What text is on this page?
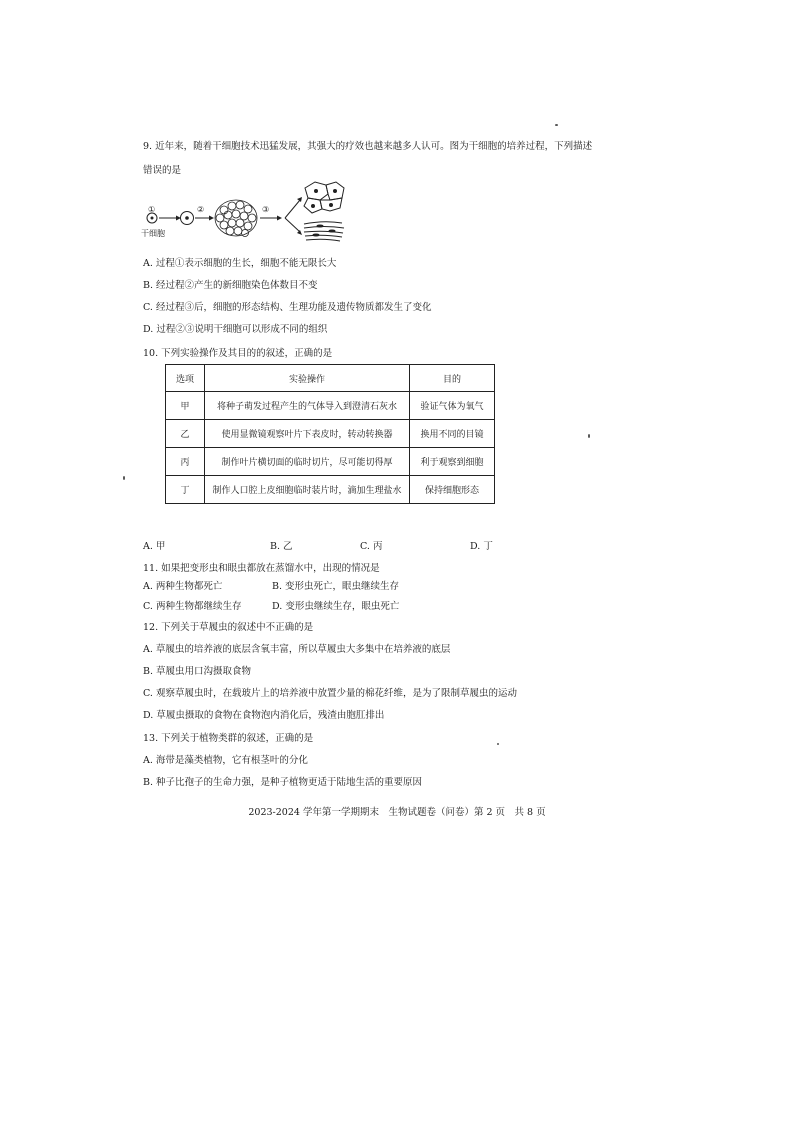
9. 近年来，随着干细胞技术迅猛发展，其强大的疗效也越来越多人认可。图为干细胞的培养过程，下列描述
错误的是
①	②	③
干细胞
A. 过程①表示细胞的生长，细胞不能无限长大
B. 经过程②产生的新细胞染色体数目不变
C. 经过程③后，细胞的形态结构、生理功能及遗传物质都发生了变化
D. 过程②③说明干细胞可以形成不同的组织
10. 下列实验操作及其目的的叙述，正确的是
选项	实验操作	目的
甲	将种子萌发过程产生的气体导入到澄清石灰水	验证气体为氧气
乙	使用显微镜观察叶片下表皮时，转动转换器	换用不同的目镜
丙	制作叶片横切面的临时切片，尽可能切得厚	利于观察到细胞
丁	制作人口腔上皮细胞临时装片时，滴加生理盐水	保持细胞形态
A. 甲	B. 乙	C. 丙	D. 丁
11. 如果把变形虫和眼虫都放在蒸馏水中，出现的情况是
A. 两种生物都死亡	B. 变形虫死亡，眼虫继续生存
C. 两种生物都继续生存	D. 变形虫继续生存，眼虫死亡
12. 下列关于草履虫的叙述中不正确的是
A. 草履虫的培养液的底层含氧丰富，所以草履虫大多集中在培养液的底层
B. 草履虫用口沟摄取食物
C. 观察草履虫时，在载玻片上的培养液中放置少量的棉花纤维，是为了限制草履虫的运动
D. 草履虫摄取的食物在食物泡内消化后，残渣由胞肛排出
13. 下列关于植物类群的叙述，正确的是
A. 海带是藻类植物，它有根茎叶的分化
B. 种子比孢子的生命力强，是种子植物更适于陆地生活的重要原因
2023-2024 学年第一学期期末　生物试题卷（问卷）第 2 页　共 8 页
